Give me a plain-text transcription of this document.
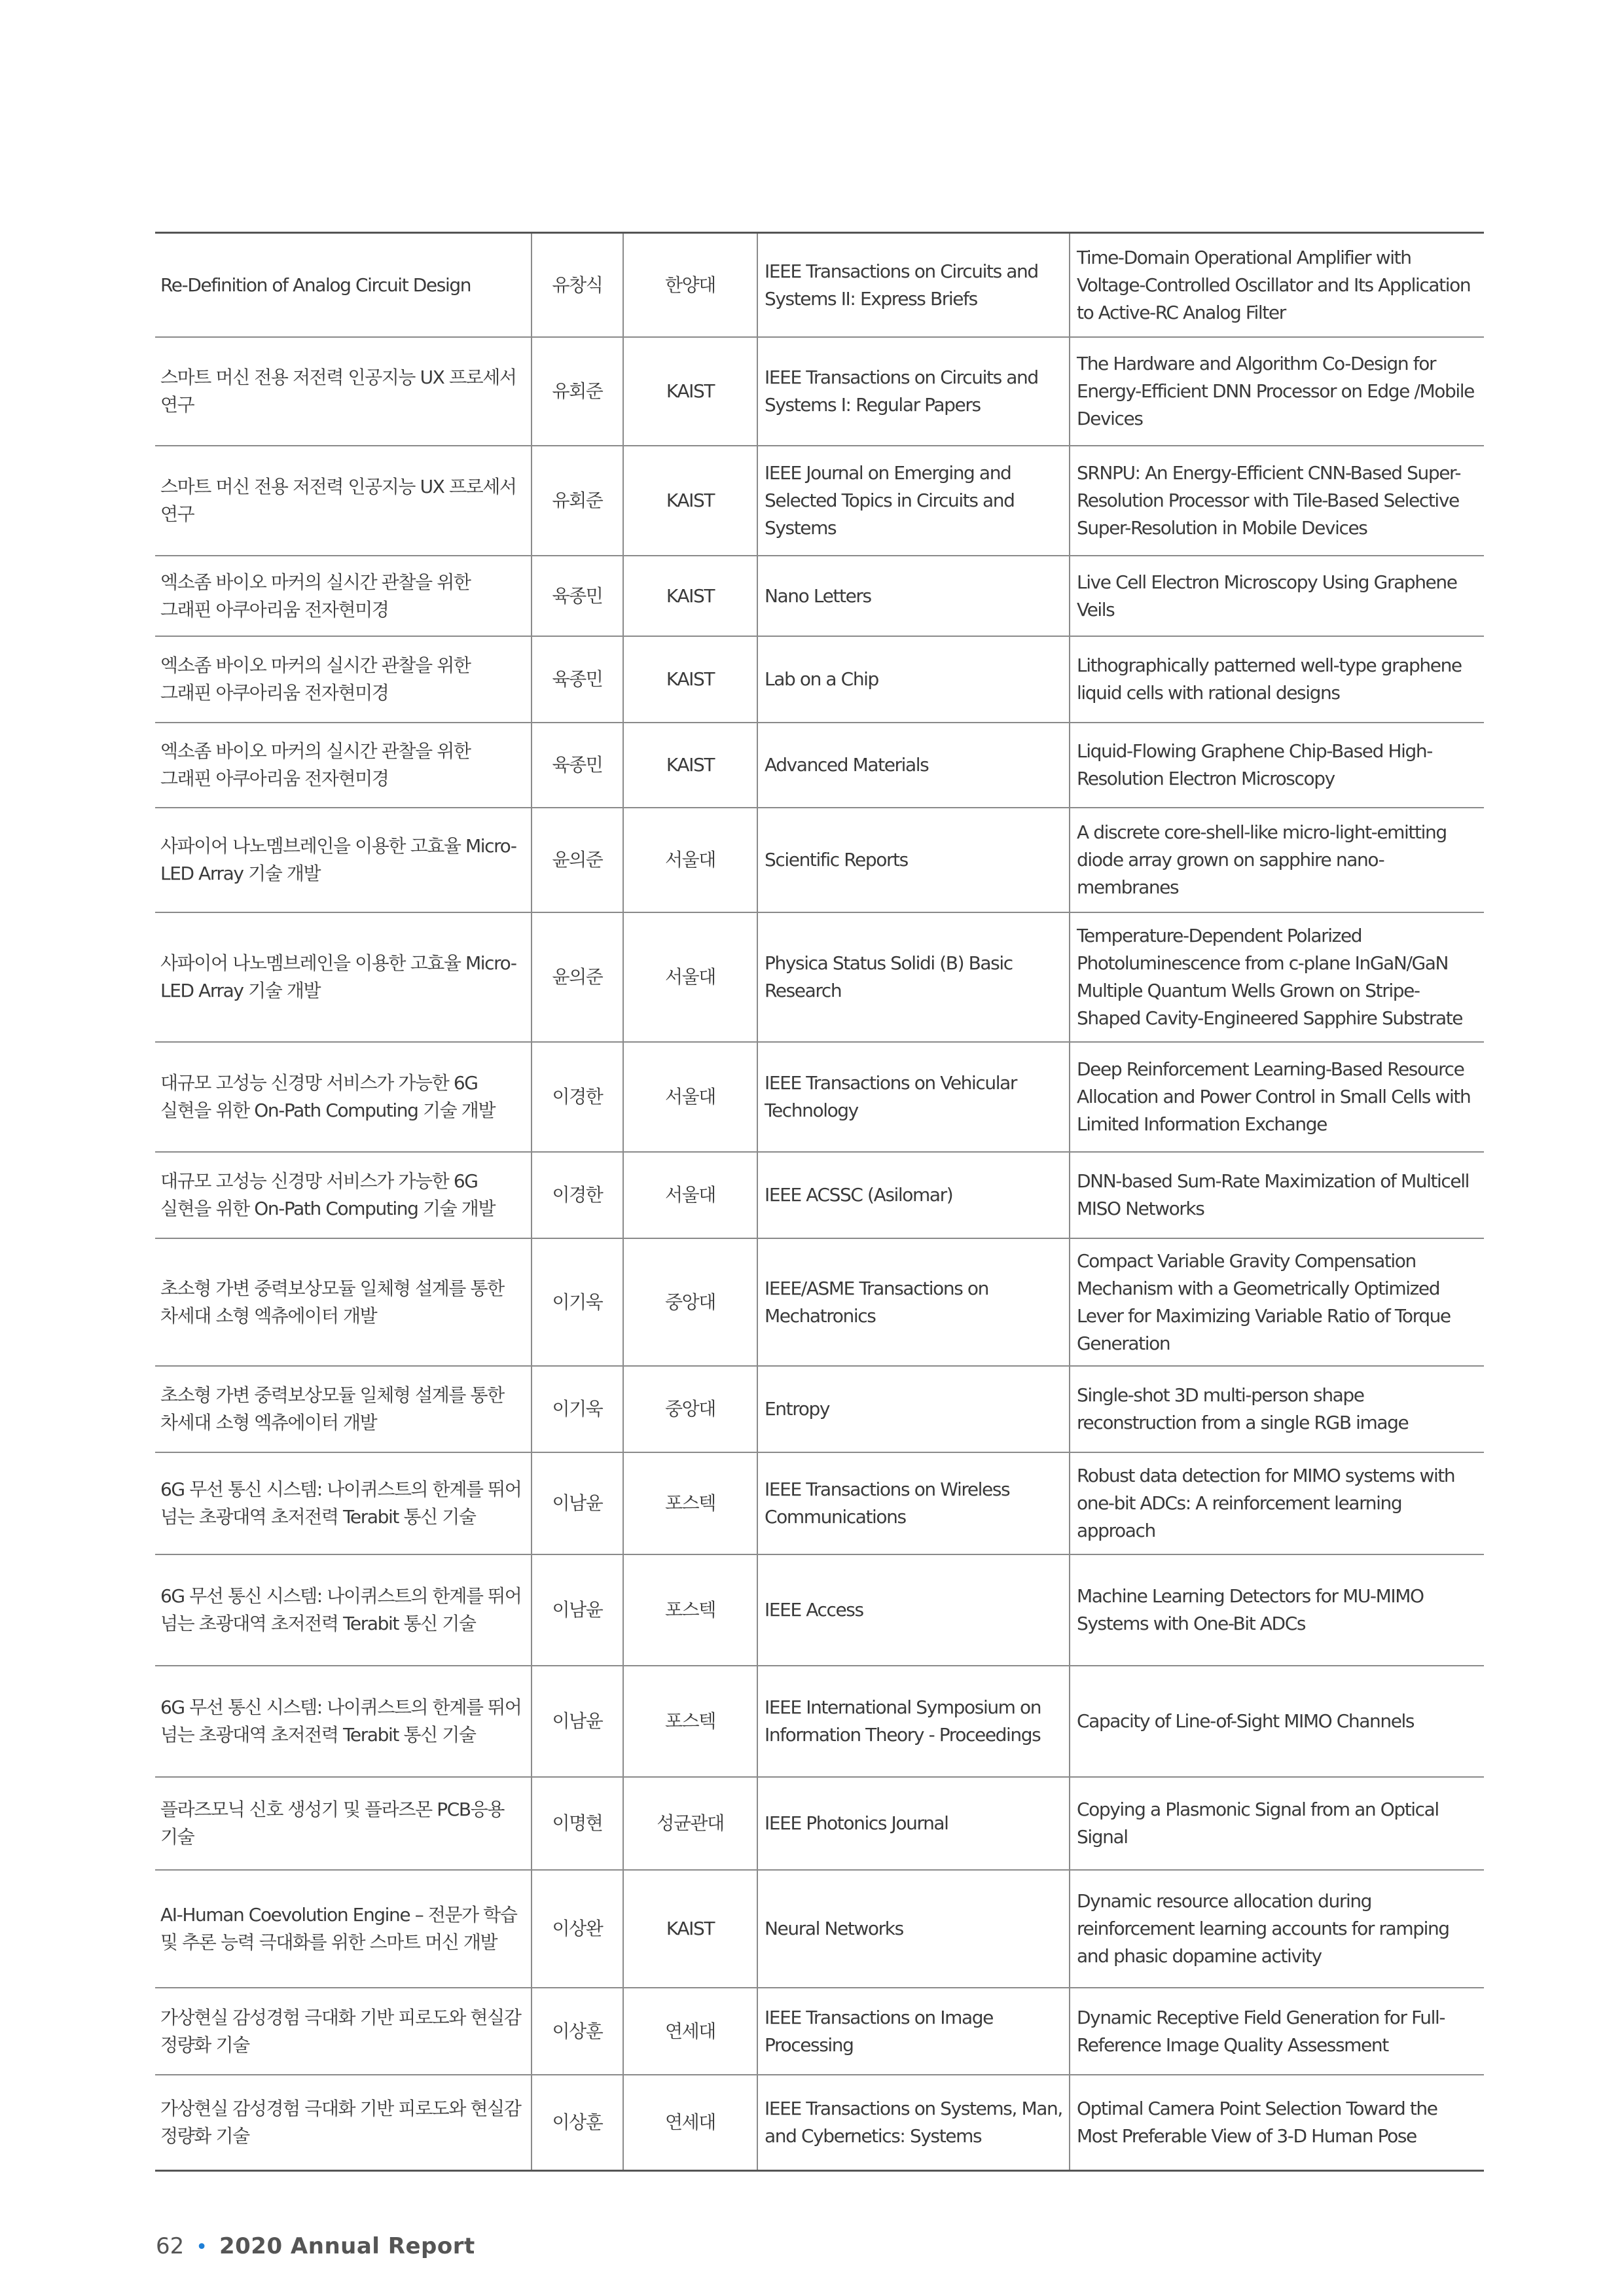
Re-Definition of Analog Circuit Design	유창식	한양대	IEEE Transactions on Circuits and Systems II: Express Briefs	Time-Domain Operational Amplifier with Voltage-Controlled Oscillator and Its Application to Active-RC Analog Filter
스마트 머신 전용 저전력 인공지능 UX 프로세서 연구	유회준	KAIST	IEEE Transactions on Circuits and Systems I: Regular Papers	The Hardware and Algorithm Co-Design for Energy-Efficient DNN Processor on Edge /Mobile Devices
스마트 머신 전용 저전력 인공지능 UX 프로세서 연구	유회준	KAIST	IEEE Journal on Emerging and Selected Topics in Circuits and Systems	SRNPU: An Energy-Efficient CNN-Based Super-Resolution Processor with Tile-Based Selective Super-Resolution in Mobile Devices
엑소좀 바이오 마커의 실시간 관찰을 위한 그래핀 아쿠아리움 전자현미경	육종민	KAIST	Nano Letters	Live Cell Electron Microscopy Using Graphene Veils
엑소좀 바이오 마커의 실시간 관찰을 위한 그래핀 아쿠아리움 전자현미경	육종민	KAIST	Lab on a Chip	Lithographically patterned well-type graphene liquid cells with rational designs
엑소좀 바이오 마커의 실시간 관찰을 위한 그래핀 아쿠아리움 전자현미경	육종민	KAIST	Advanced Materials	Liquid-Flowing Graphene Chip-Based High-Resolution Electron Microscopy
사파이어 나노멤브레인을 이용한 고효율 Micro-LED Array 기술 개발	윤의준	서울대	Scientific Reports	A discrete core-shell-like micro-light-emitting diode array grown on sapphire nano-membranes
사파이어 나노멤브레인을 이용한 고효율 Micro-LED Array 기술 개발	윤의준	서울대	Physica Status Solidi (B) Basic Research	Temperature-Dependent Polarized Photoluminescence from c-plane InGaN/GaN Multiple Quantum Wells Grown on Stripe-Shaped Cavity-Engineered Sapphire Substrate
대규모 고성능 신경망 서비스가 가능한 6G 실현을 위한 On-Path Computing 기술 개발	이경한	서울대	IEEE Transactions on Vehicular Technology	Deep Reinforcement Learning-Based Resource Allocation and Power Control in Small Cells with Limited Information Exchange
대규모 고성능 신경망 서비스가 가능한 6G 실현을 위한 On-Path Computing 기술 개발	이경한	서울대	IEEE ACSSC (Asilomar)	DNN-based Sum-Rate Maximization of Multicell MISO Networks
초소형 가변 중력보상모듈 일체형 설계를 통한 차세대 소형 엑츄에이터 개발	이기욱	중앙대	IEEE/ASME Transactions on Mechatronics	Compact Variable Gravity Compensation Mechanism with a Geometrically Optimized Lever for Maximizing Variable Ratio of Torque Generation
초소형 가변 중력보상모듈 일체형 설계를 통한 차세대 소형 엑츄에이터 개발	이기욱	중앙대	Entropy	Single-shot 3D multi-person shape reconstruction from a single RGB image
6G 무선 통신 시스템: 나이퀴스트의 한계를 뛰어 넘는 초광대역 초저전력 Terabit 통신 기술	이남윤	포스텍	IEEE Transactions on Wireless Communications	Robust data detection for MIMO systems with one-bit ADCs: A reinforcement learning approach
6G 무선 통신 시스템: 나이퀴스트의 한계를 뛰어 넘는 초광대역 초저전력 Terabit 통신 기술	이남윤	포스텍	IEEE Access	Machine Learning Detectors for MU-MIMO Systems with One-Bit ADCs
6G 무선 통신 시스템: 나이퀴스트의 한계를 뛰어 넘는 초광대역 초저전력 Terabit 통신 기술	이남윤	포스텍	IEEE International Symposium on Information Theory - Proceedings	Capacity of Line-of-Sight MIMO Channels
플라즈모닉 신호 생성기 및 플라즈몬 PCB응용 기술	이명현	성균관대	IEEE Photonics Journal	Copying a Plasmonic Signal from an Optical Signal
AI-Human Coevolution Engine – 전문가 학습 및 추론 능력 극대화를 위한 스마트 머신 개발	이상완	KAIST	Neural Networks	Dynamic resource allocation during reinforcement learning accounts for ramping and phasic dopamine activity
가상현실 감성경험 극대화 기반 피로도와 현실감 정량화 기술	이상훈	연세대	IEEE Transactions on Image Processing	Dynamic Receptive Field Generation for Full-Reference Image Quality Assessment
가상현실 감성경험 극대화 기반 피로도와 현실감 정량화 기술	이상훈	연세대	IEEE Transactions on Systems, Man, and Cybernetics: Systems	Optimal Camera Point Selection Toward the Most Preferable View of 3-D Human Pose
62 • 2020 Annual Report
